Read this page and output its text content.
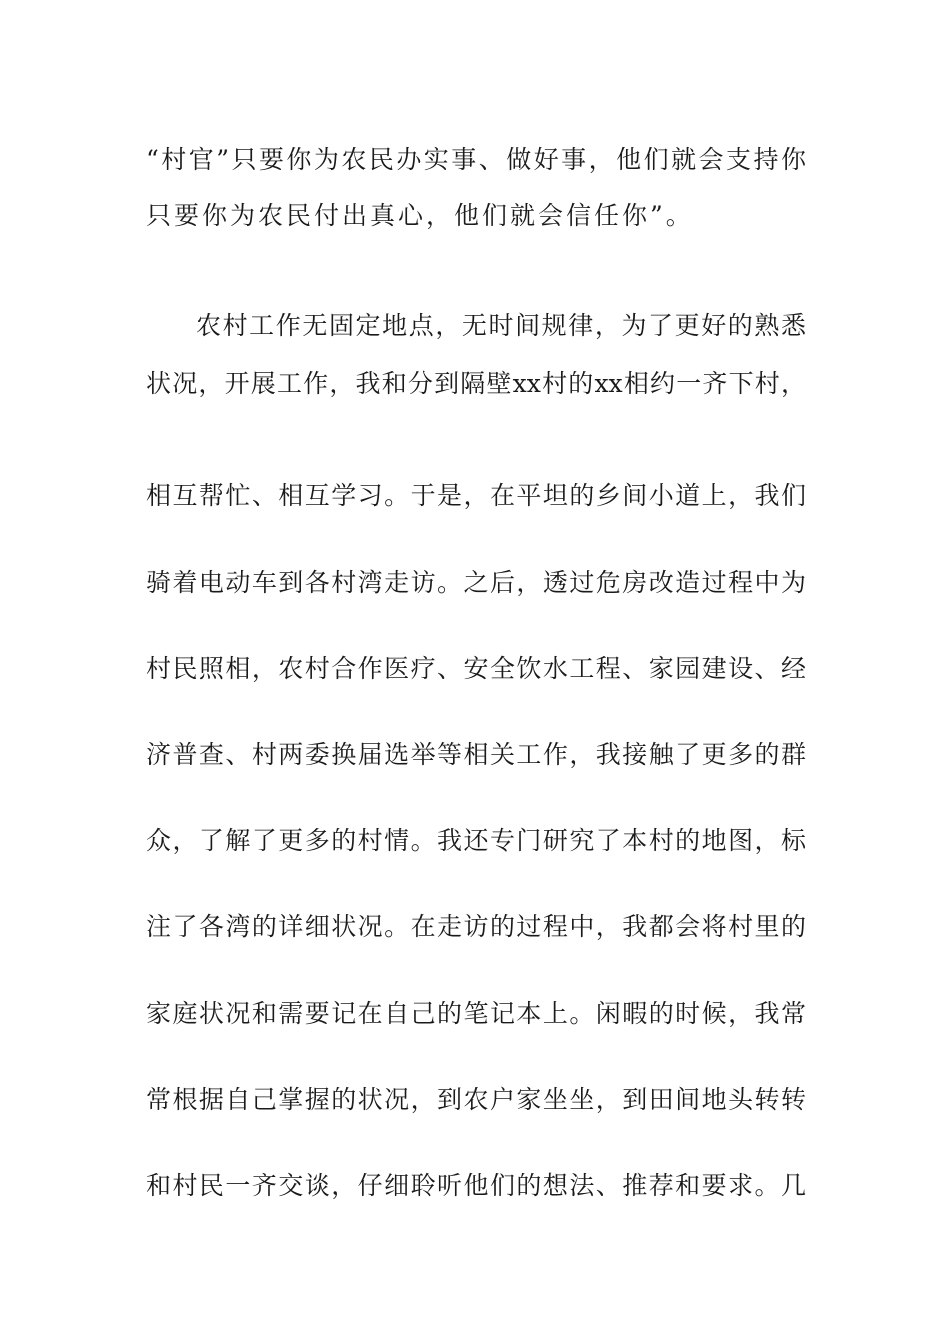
“村官”只要你为农民办实事、做好事，他们就会支持你
只要你为农民付出真心，他们就会信任你”。
农村工作无固定地点，无时间规律，为了更好的熟悉
状况，开展工作，我和分到隔壁xx村的xx相约一齐下村，
相互帮忙、相互学习。于是，在平坦的乡间小道上，我们
骑着电动车到各村湾走访。之后，透过危房改造过程中为
村民照相，农村合作医疗、安全饮水工程、家园建设、经
济普查、村两委换届选举等相关工作，我接触了更多的群
众，了解了更多的村情。我还专门研究了本村的地图，标
注了各湾的详细状况。在走访的过程中，我都会将村里的
家庭状况和需要记在自己的笔记本上。闲暇的时候，我常
常根据自己掌握的状况，到农户家坐坐，到田间地头转转
和村民一齐交谈，仔细聆听他们的想法、推荐和要求。几
